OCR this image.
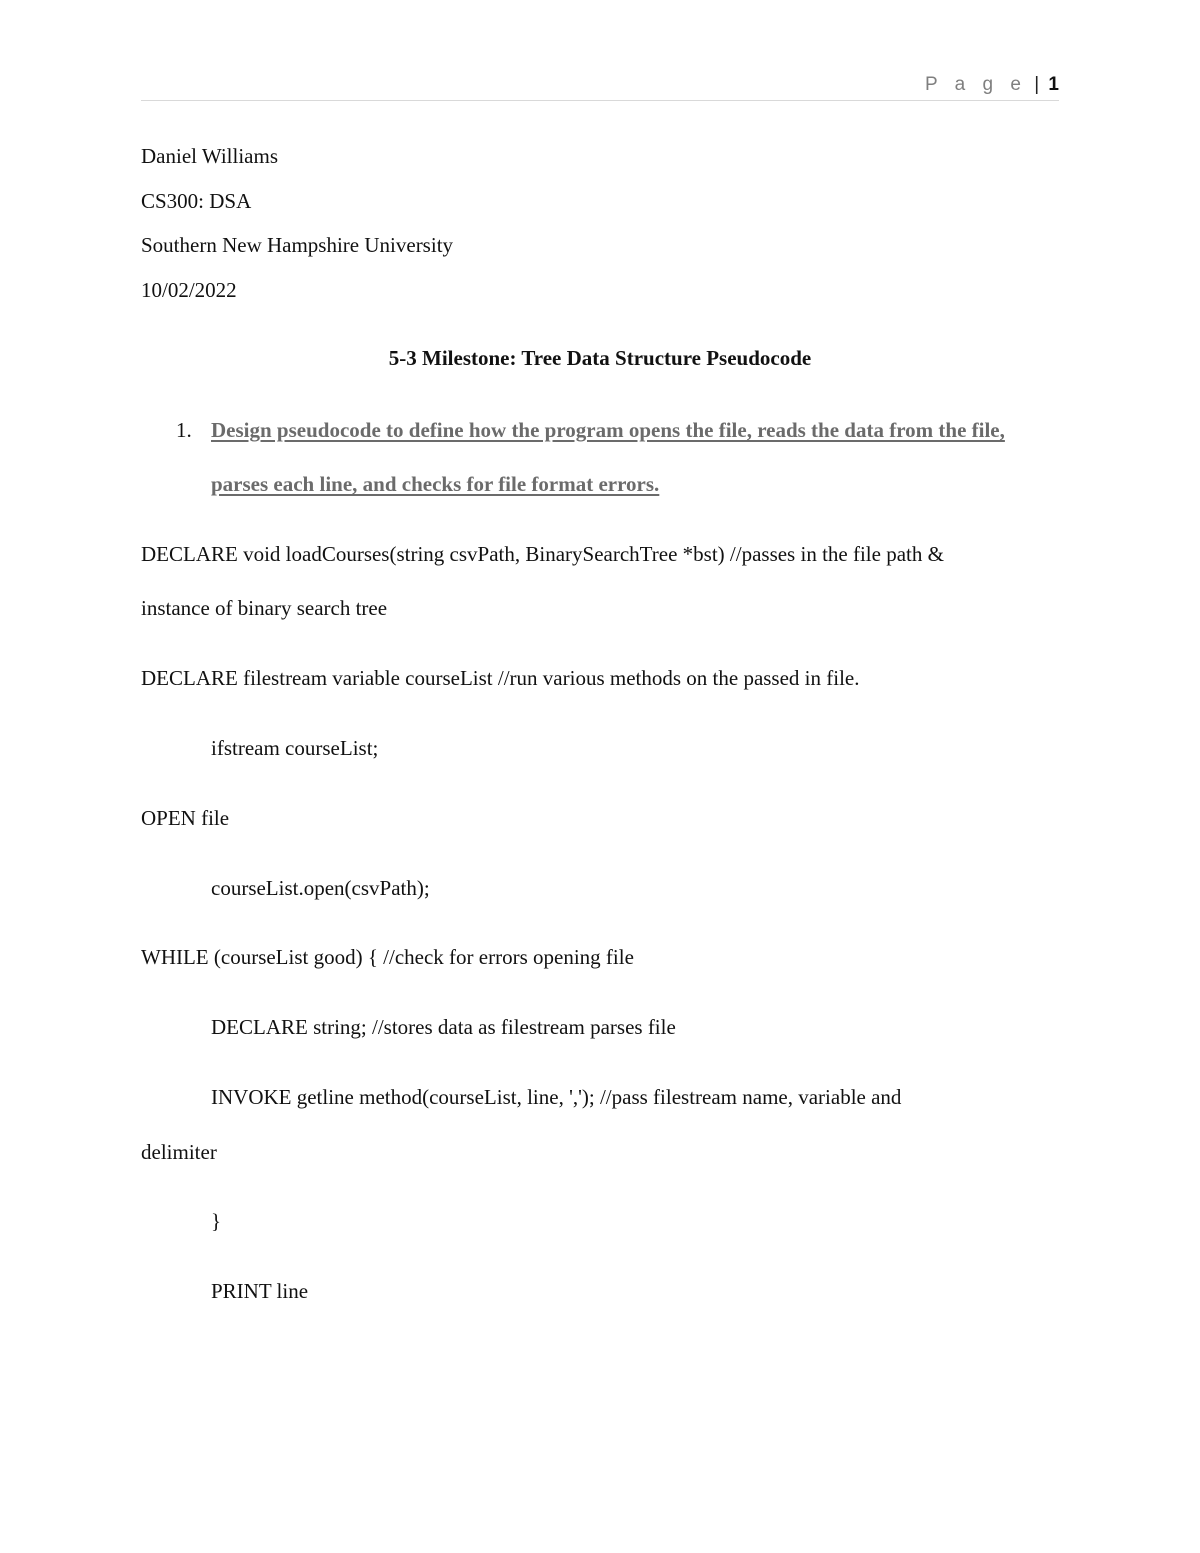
P a g e | 1
Daniel Williams
CS300: DSA
Southern New Hampshire University
10/02/2022
5-3 Milestone: Tree Data Structure Pseudocode
1. Design pseudocode to define how the program opens the file, reads the data from the file, parses each line, and checks for file format errors.
DECLARE void loadCourses(string csvPath, BinarySearchTree *bst) //passes in the file path &
instance of binary search tree
DECLARE filestream variable courseList //run various methods on the passed in file.
ifstream courseList;
OPEN file
courseList.open(csvPath);
WHILE (courseList good) { //check for errors opening file
DECLARE string; //stores data as filestream parses file
INVOKE getline method(courseList, line, ','); //pass filestream name, variable and
delimiter
}
PRINT line
